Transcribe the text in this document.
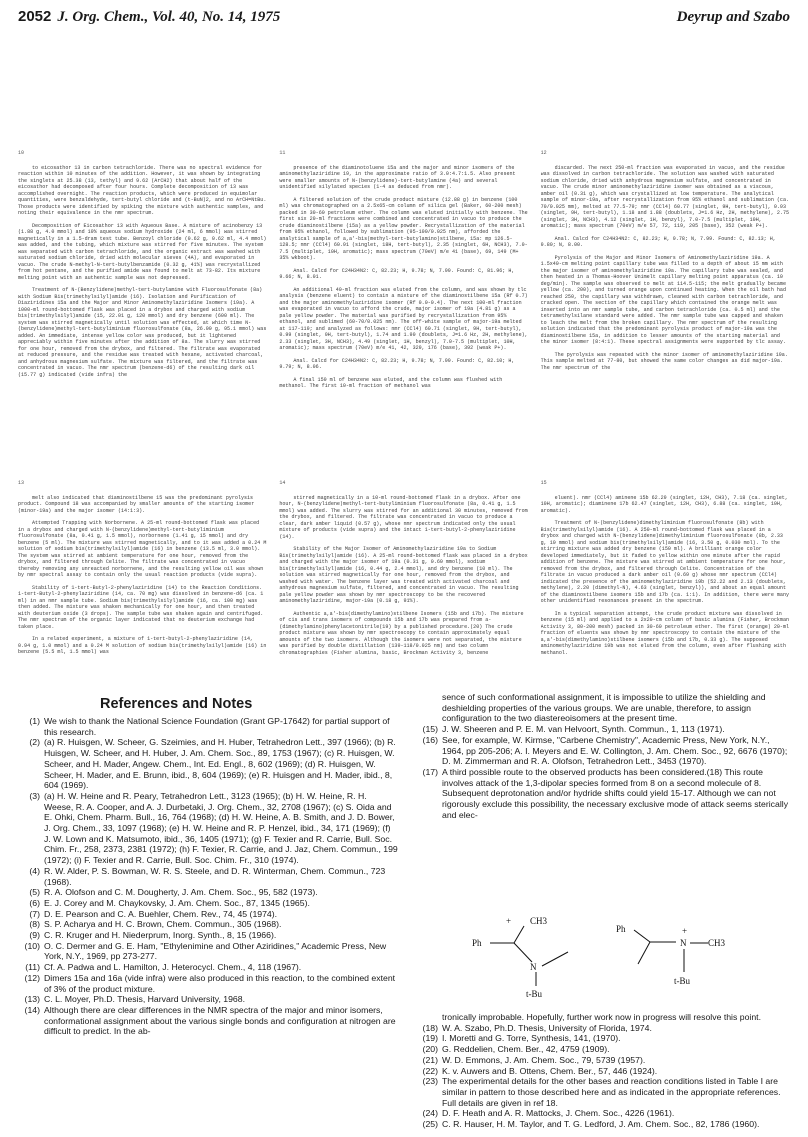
2052 J. Org. Chem., Vol. 40, No. 14, 1975	Deyrup and Szabo
10

to eicosathor 13 in carbon tetrachloride. There was no spectral evidence for reaction within 10 minutes of the addition. However, it was shown by integrating the singlets at 25.38 (13, tethyl) and 9.62 (ArCH2) that about half of the eicosathor had decomposed after four hours. Complete decomposition of 13 was accomplished overnight. The reaction products, which were produced in equimolar quantities, were benzaldehyde, tert-butyl chloride and (t-BuN)2, and no ArCH=NtBu. Those products were identified by spiking the mixture with authentic samples, and noting their equivalence in the nmr spectrum.

Decomposition of Eicosathor 13 with Aqueous Base. A mixture of acinobenzy 13 (1.88 g, 4.0 mmol) and 10% aqueous sodium hydroxide (24 ml, 6 mmol) was stirred magnetically in a 1.5-dram test tube. Benzoyl chloride (0.62 g, 0.62 ml, 4.4 mmol) was added, and the tubing, which mixture was stirred for five minutes. The system was separated with carbon tetrachloride, and the organic extract was washed with saturated sodium chloride, dried with molecular sieves (4A), and evaporated in vacuo. The crude N-methyl-N-tert-butylbenzamide (0.32 g, 41%) was recrystallized from hot pentane, and the purified amide was found to melt at 73-82. Its mixture melting point with an authentic sample was not depressed.

Treatment of N-(Benzylidene)methyl-tert-butylamine with Fluorosulfonate (8a) with Sodium Bis(trimethylsilyl)amide (16). Isolation and Purification of Diaziridines 15a and the Major and Minor Aminomethylaziridine Isomers (19a). A 1000-ml round-bottomed flask was placed in a drybox and charged with sodium bis(trimethylsilyl)amide (15, 22.01 g, 120 mmol) and dry benzene (600 ml). The system was stirred magnetically until solution was effected, at which time N-(benzylidene)methyl-tert-butyliminium fluorosulfonate (8a, 26.00 g, 95.1 mmol) was added. An immediate, intense yellow color was produced, but it lightened appreciably within five minutes after the addition of 8a. The slurry was stirred for one hour, removed from the drybox, and filtered. The filtrate was evaporated at reduced pressure, and the residue was treated with hexane, activated charcoal, and anhydrous magnesium sulfate. The mixture was filtered, and the filtrate was concentrated in vacuo. The nmr spectrum (benzene-d6) of the resulting dark oil (15.77 g) indicated (vide infra) the

11

presence of the diaminotoluene 15a and the major and minor isomers of the aminomethylaziridine 19, in the approximate ratio of 3.0:4.7:1.5. Also present were smaller amounts of N-(benzylidene)-tert-butylamine (4a) and several unidentified silylated species (1-4 as deduced from nmr).

A filtered solution of the crude product mixture (12.88 g) in benzene (100 ml) was chromatographed on a 2.5x65-cm column of silica gel (Baker, 60-200 mesh) packed in 30-60 petroleum ether. The column was eluted initially with benzene. The first six 20-ml fractions were combined and concentrated in vacuo to produce the crude diaminostilbene (15a) as a yellow powder. Recrystallization of the material from 95% ethanol, followed by sublimation (95-100/0.025 nm), afforded the analytical sample of a,a'-bis(methyl-tert-butylamino)stilbene, 15a: mp 126.5-128.5; nmr (CCl4) 60.91 (singlet, 18H, tert-butyl), 2.35 (singlet, 6H, NCH3), 7.0-7.5 (multiplet, 10H, aromatic); mass spectrum (70eV) m/e 41 (base), 69, 149 (M+ 35% wkboot).

Anal. Calcd for C24H34N2: C, 82.23; H, 9.78; N, 7.99. Found: C, 81.96; H, 9.66; N, 8.01.

An additional 40-ml fraction was eluted from the column, and was shown by tlc analysis (benzene eluent) to contain a mixture of the diaminostilbene 15a (Rf 0.7) and the major aminomethylaziridine isomer (Rf 0.0-0.4). The next 100-ml fraction was evaporated in vacuo to afford the crude, major isomer of 19a (4.81 g) as a pale yellow powder. The material was purified by recrystallization from 95% ethanol, and sublimed (60-70/0.025 nm). The off-white sample of major-19a melted at 117-119; and analyzed as follows: nmr (CCl4) 60.71 (singlet, 9H, tert-butyl), 0.99 (singlet, 9H, tert-butyl), 1.74 and 1.90 (doublets, J=1.6 Hz, 2H, methylene), 2.33 (singlet, 3H, NCH3), 4.49 (singlet, 1H, benzyl), 7.0-7.5 (multiplet, 10H, aromatic); mass spectrum (70eV) m/e 41, 42, 329, 176 (base), 392 (weak P+).

Anal. Calcd for C24H34N2: C, 82.23; H, 9.78; N, 7.99. Found: C, 82.10; H, 9.79; N, 8.06.

A final 150 ml of benzene was eluted, and the column was flushed with methanol. The first 10-ml fraction of methanol was

12

discarded. The next 250-ml fraction was evaporated in vacuo, and the residue was dissolved in carbon tetrachloride. The solution was washed with saturated sodium chloride, dried with anhydrous magnesium sulfate, and concentrated in vacuo. The crude minor aminomethylaziridine isomer was obtained as a viscous, amber oil (0.31 g), which was crystallized at low temperature. The analytical sample of minor-19a, after recrystallization from 95% ethanol and sublimation (ca. 70/0.025 mm), melted at 77.5-79; nmr (CCl4) 60.77 (singlet, 9H, tert-butyl), 0.93 (singlet, 9H, tert-butyl), 1.18 and 1.88 (doublets, J=1.6 Hz, 2H, methylene), 2.75 (singlet, 3H, NCH3), 4.12 (singlet, 1H, benzyl), 7.0-7.5 (multiplet, 10H, aromatic); mass spectrum (70eV) m/e 57, 72, 119, 205 (base), 352 (weak P+).

Anal. Calcd for C24H34N2: C, 82.23; H, 9.78; N, 7.99. Found: C, 82.13; H, 9.80; N, 8.00.

Pyrolysis of the Major and Minor Isomers of Aminomethylaziridine 19a. A 1.5x40-cm melting point capillary tube was filled to a depth of about 15 mm with the major isomer of aminomethylaziridine 19a. The capillary tube was sealed, and then heated in a Thomas-Hoover Unimelt capillary melting point apparatus (ca. 10 deg/min). The sample was observed to melt at 114.5-115; the melt gradually became yellow (ca. 200), and turned orange upon continued heating. When the oil bath had reached 250, the capillary was withdrawn, cleaned with carbon tetrachloride, and cracked open. The section of the capillary which contained the orange melt was inserted into an nmr sample tube, and carbon tetrachloride (ca. 0.5 ml) and the tetramethylsilane standard were added. The nmr sample tube was capped and shaken to leach the melt from the broken capillary. The nmr spectrum of the resulting solution indicated that the predominant pyrolysis product of major-19a was the diaminostilbene 15a, in addition to lesser amounts of the starting material and the minor isomer (8:4:1). These spectral assignments were supported by tlc assay.

The pyrolysis was repeated with the minor isomer of aminomethylaziridine 19a. This sample melted at 77-80, but showed the same color changes as did major-19a. The nmr spectrum of the

13

melt also indicated that diaminostilbene 15 was the predominant pyrolysis product. Compound 18 was accompanied by smaller amounts of the starting isomer (minor-19a) and the major isomer (14:1:3).

Attempted Trapping with Norbornene. A 25-ml round-bottomed flask was placed in a drybox and charged with N-(benzylidene)methyl-tert-butyliminium fluorosulfonate (8a, 0.41 g, 1.5 mmol), norbornene (1.41 g, 15 mmol) and dry benzene (5 ml). The mixture was stirred magnetically, and to it was added a 0.24 M solution of sodium bis(trimethylsilyl)amide (16) in benzene (13.5 ml, 3.0 mmol). The system was stirred at ambient temperature for one hour, removed from the drybox, and filtered through Celite. The filtrate was concentrated in vacuo thereby removing any unreacted norbornene, and the resulting yellow oil was shown by nmr spectral assay to contain only the usual reaction products (vide supra).

Stability of 1-tert-Butyl-2-phenylaziridine (14) to the Reaction Conditions. 1-tert-Butyl-2-phenylaziridine (14, ca. 70 mg) was dissolved in benzene-d6 (ca. 1 ml) in an nmr sample tube. Sodium bis(trimethylsilyl)amide (16, ca. 100 mg) was then added. The mixture was shaken mechanically for one hour, and then treated with deuterium oxide (3 drops). The sample tube was shaken again and centrifuged. The nmr spectrum of the organic layer indicated that no deuterium exchange had taken place.

In a related experiment, a mixture of 1-tert-butyl-2-phenylaziridine (14, 0.94 g, 1.0 mmol) and a 0.24 M solution of sodium bis(trimethylsilyl)amide (16) in benzene (5.5 ml, 1.5 mmol) was

14

stirred magnetically in a 10-ml round-bottomed flask in a drybox. After one hour, N-(benzylidene)methyl-tert-butyliminium fluorosulfonate (8a, 0.41 g, 1.5 mmol) was added. The slurry was stirred for an additional 30 minutes, removed from the drybox, and filtered. The filtrate was concentrated in vacuo to produce a clear, dark amber liquid (0.57 g), whose nmr spectrum indicated only the usual mixture of products (vide supra) and the intact 1-tert-butyl-2-phenylaziridine (14).

Stability of the Major Isomer of Aminomethylaziridine 19a to Sodium Bis(trimethylsilyl)amide (16). A 25-ml round-bottomed flask was placed in a drybox and charged with the major isomer of 19a (0.31 g, 0.60 mmol), sodium bis(trimethylsilyl)amide (16, 0.44 g, 2.4 mmol), and dry benzene (10 ml). The solution was stirred magnetically for one hour, removed from the drybox, and washed with water. The benzene layer was treated with activated charcoal and anhydrous magnesium sulfate, filtered, and concentrated in vacuo. The resulting pale yellow powder was shown by nmr spectroscopy to be the recovered aminomethylaziridine, major-19a (0.18 g, 91%).

Authentic a,a'-bis(dimethylamino)stilbene Isomers (15b and 17b). The mixture of cis and trans isomers of compounds 15b and 17b was prepared from a-(dimethylamino)phenylacetonitrile(19) by a published procedure.(20) The crude product mixture was shown by nmr spectroscopy to contain approximately equal amounts of the two isomers. Although the isomers were not separated, the mixture was purified by double distillation (139-118/0.025 nm) and two column chromatographies (Fisher alumina, basic, Brockman Activity 3, benzene

15

eluent). nmr (CCl4) aminene 15b 62.29 (singlet, 12H, CH3), 7.18 (ca. singlet, 10H, aromatic); diaminene 17b 62.47 (singlet, 12H, CH3), 6.88 (ca. singlet, 10H, aromatic).

Treatment of N-(benzylidene)dimethyliminium fluorosulfonate (8b) with Bis(trimethylsilyl)amide (16). A 250-ml round-bottomed flask was placed in a drybox and charged with N-(benzylidene)dimethyliminium fluorosulfonate (8b, 2.33 g, 10 mmol) and sodium bis(trimethylsilyl)amide (16, 3.50 g, 0.030 mol). To the stirring mixture was added dry benzene (150 ml). A brilliant orange color developed immediately, but it faded to yellow within one minute after the rapid addition of benzene. The mixture was stirred at ambient temperature for one hour, removed from the drybox, and filtered through Celite. Concentration of the filtrate in vacuo produced a dark amber oil (0.69 g) whose nmr spectrum (CCl4) indicated the presence of the aminomethylaziridine 19b (52.22 and 2.13 (doublets, methylene), 2.20 (dimethyl-N), 4.63 (singlet, benzyl)), and about an equal amount of the diaminostilbene isomers 15b and 17b (ca. 1:1). In addition, there were many other unidentified resonances present in the spectrum.

In a typical separation attempt, the crude product mixture was dissolved in benzene (15 ml) and applied to a 2x20-cm column of basic alumina (Fisher, Brockman Activity 3, 80-200 mesh) packed in 30-60 petroleum ether. The first (orange) 20-ml fraction of eluents was shown by nmr spectroscopy to contain the mixture of the a,a'-bis(dimethylamino)stilbene isomers (15b and 17b, 0.33 g). The supposed aminomethylaziridine 19b was not eluted from the column, even after flushing with methanol.

References and Notes
(1) We wish to thank the National Science Foundation (Grant GP-17642) for partial support of this research.
(2) (a) R. Huisgen, W. Scheer, G. Szeimies, and H. Huber, Tetrahedron Lett., 397 (1966); (b) R. Huisgen, W. Scheer, and H. Huber, J. Am. Chem. Soc., 89, 1753 (1967); (c) R. Huisgen, W. Scheer, and H. Mader, Angew. Chem., Int. Ed. Engl., 8, 602 (1969); (d) R. Huisgen, W. Scheer, H. Mader, and E. Brunn, ibid., 8, 604 (1969); (e) R. Huisgen and H. Mader, ibid., 8, 604 (1969).
(3) (a) H. W. Heine and R. Peary, Tetrahedron Lett., 3123 (1965); (b) H. W. Heine, R. H. Weese, R. A. Cooper, and A. J. Durbetaki, J. Org. Chem., 32, 2708 (1967); (c) S. Oida and E. Ohki, Chem. Pharm. Bull., 16, 764 (1968); (d) H. W. Heine, A. B. Smith, and J. D. Bower, J. Org. Chem., 33, 1097 (1968); (e) H. W. Heine and R. P. Henzel, ibid., 34, 171 (1969); (f) J. W. Lown and K. Matsumoto, ibid., 36, 1405 (1971); (g) F. Texier and R. Carrie, Bull. Soc. Chim. Fr., 258, 2373, 2381 (1972); (h) F. Texier, R. Carrie, and J. Jaz, Chem. Commun., 199 (1972); (i) F. Texier and R. Carrie, Bull. Soc. Chim. Fr., 310 (1974).
(4) R. W. Alder, P. S. Bowman, W. R. S. Steele, and D. R. Winterman, Chem. Commun., 723 (1968).
(5) R. A. Olofson and C. M. Dougherty, J. Am. Chem. Soc., 95, 582 (1973).
(6) E. J. Corey and M. Chaykovsky, J. Am. Chem. Soc., 87, 1345 (1965).
(7) D. E. Pearson and C. A. Buehler, Chem. Rev., 74, 45 (1974).
(8) S. P. Acharya and H. C. Brown, Chem. Commun., 305 (1968).
(9) C. R. Kruger and H. Niederprum, Inorg. Synth., 8, 15 (1966).
(10) O. C. Dermer and G. E. Ham, "Ethylenimine and Other Aziridines," Academic Press, New York, N.Y., 1969, pp 273-277.
(11) Cf. A. Padwa and L. Hamilton, J. Heterocycl. Chem., 4, 118 (1967).
(12) Dimers 15a and 16a (vide infra) were also produced in this reaction, to the combined extent of 3% of the product mixture.
(13) C. L. Moyer, Ph.D. Thesis, Harvard University, 1968.
(14) Although there are clear differences in the NMR spectra of the major and minor isomers, conformational assignment about the various single bonds and configuration at nitrogen are difficult to predict. In the ab-
sence of such conformational assignment, it is impossible to utilize the shielding and deshielding properties of the various groups. We are unable, therefore, to assign configuration to the two diastereoisomers at the present time.
(15) J. W. Sheeren and P. E. M. van Helvoort, Synth. Commun., 1, 113 (1971).
(16) See, for example, W. Kirmse, "Carbene Chemistry", Academic Press, New York, N.Y., 1964, pp 205-206; A. I. Meyers and E. W. Collington, J. Am. Chem. Soc., 92, 6676 (1970); D. M. Zimmerman and R. A. Olofson, Tetrahedron Lett., 3453 (1970).
(17) A third possible route to the observed products has been considered.(18) This route involves attack of the 1,3-dipolar species formed from 8 on a second molecule of 8. Subsequent deprotonation and/or hydride shifts could yield 15-17. Although we can not rigorously exclude this possibility, the necessary exclusive mode of attack seems sterically and elec-
Ph
+ CH3
N
t-Bu
Ph
N
+
CH3
t-Bu
tronically improbable. Hopefully, further work now in progress will resolve this point.
(18) W. A. Szabo, Ph.D. Thesis, University of Florida, 1974.
(19) I. Moretti and G. Torre, Synthesis, 141, (1970).
(20) G. Reddelien, Chem. Ber., 42, 4759 (1909).
(21) W. D. Emmons, J. Am. Chem. Soc., 79, 5739 (1957).
(22) K. v. Auwers and B. Ottens, Chem. Ber., 57, 446 (1924).
(23) The experimental details for the other bases and reaction conditions listed in Table I are similar in pattern to those described here and as indicated in the appropriate references. Full details are given in ref 18.
(24) D. F. Heath and A. R. Mattocks, J. Chem. Soc., 4226 (1961).
(25) C. R. Hauser, H. M. Taylor, and T. G. Ledford, J. Am. Chem. Soc., 82, 1786 (1960).
